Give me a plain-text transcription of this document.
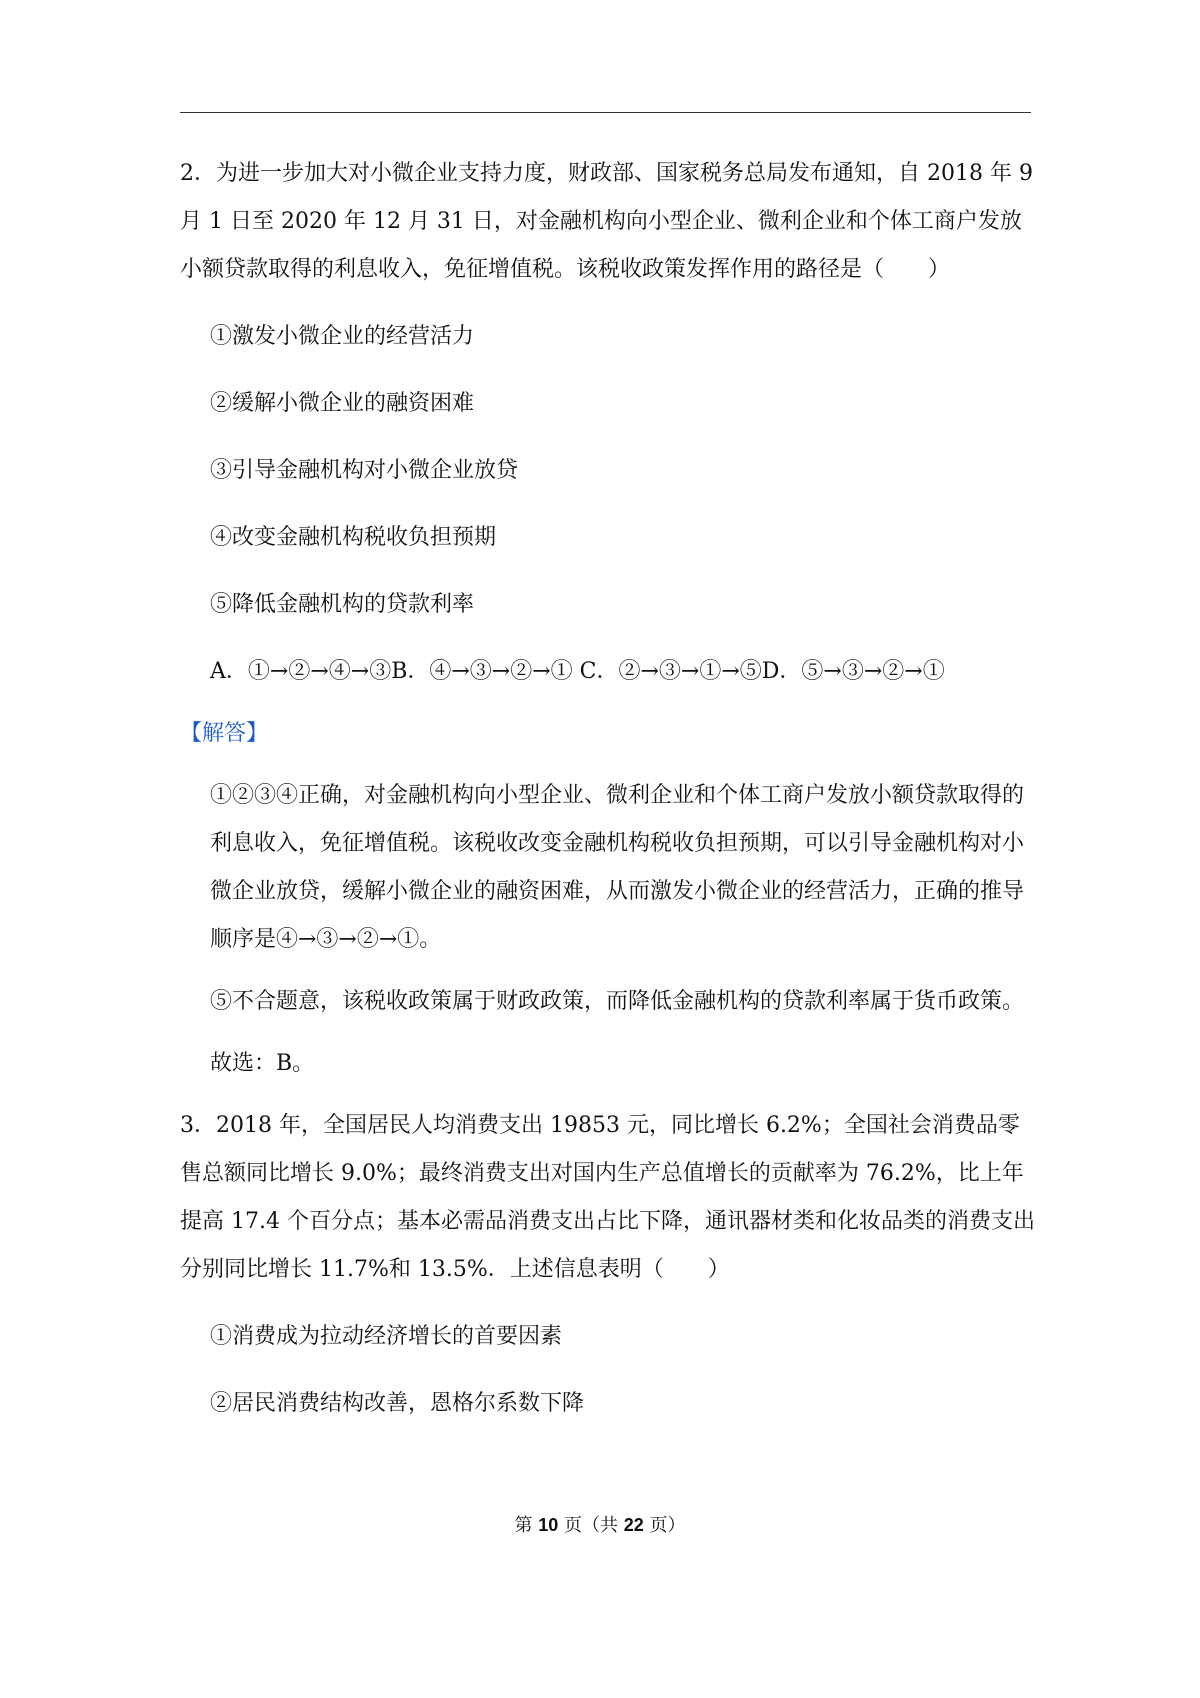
2．为进一步加大对小微企业支持力度，财政部、国家税务总局发布通知，自 2018 年 9 月 1 日至 2020 年 12 月 31 日，对金融机构向小型企业、微利企业和个体工商户发放小额贷款取得的利息收入，免征增值税。该税收政策发挥作用的路径是（　　）

①激发小微企业的经营活力

②缓解小微企业的融资困难

③引导金融机构对小微企业放贷

④改变金融机构税收负担预期

⑤降低金融机构的贷款利率

A．①→②→④→③B．④→③→②→① C．②→③→①→⑤D．⑤→③→②→①

【解答】

①②③④正确，对金融机构向小型企业、微利企业和个体工商户发放小额贷款取得的利息收入，免征增值税。该税收改变金融机构税收负担预期，可以引导金融机构对小微企业放贷，缓解小微企业的融资困难，从而激发小微企业的经营活力，正确的推导顺序是④→③→②→①。

⑤不合题意，该税收政策属于财政政策，而降低金融机构的贷款利率属于货币政策。

故选：B。

3．2018 年，全国居民人均消费支出 19853 元，同比增长 6.2%；全国社会消费品零售总额同比增长 9.0%；最终消费支出对国内生产总值增长的贡献率为 76.2%，比上年提高 17.4 个百分点；基本必需品消费支出占比下降，通讯器材类和化妆品类的消费支出分别同比增长 11.7%和 13.5%．上述信息表明（　　）

①消费成为拉动经济增长的首要因素

②居民消费结构改善，恩格尔系数下降

第 10 页（共 22 页）
